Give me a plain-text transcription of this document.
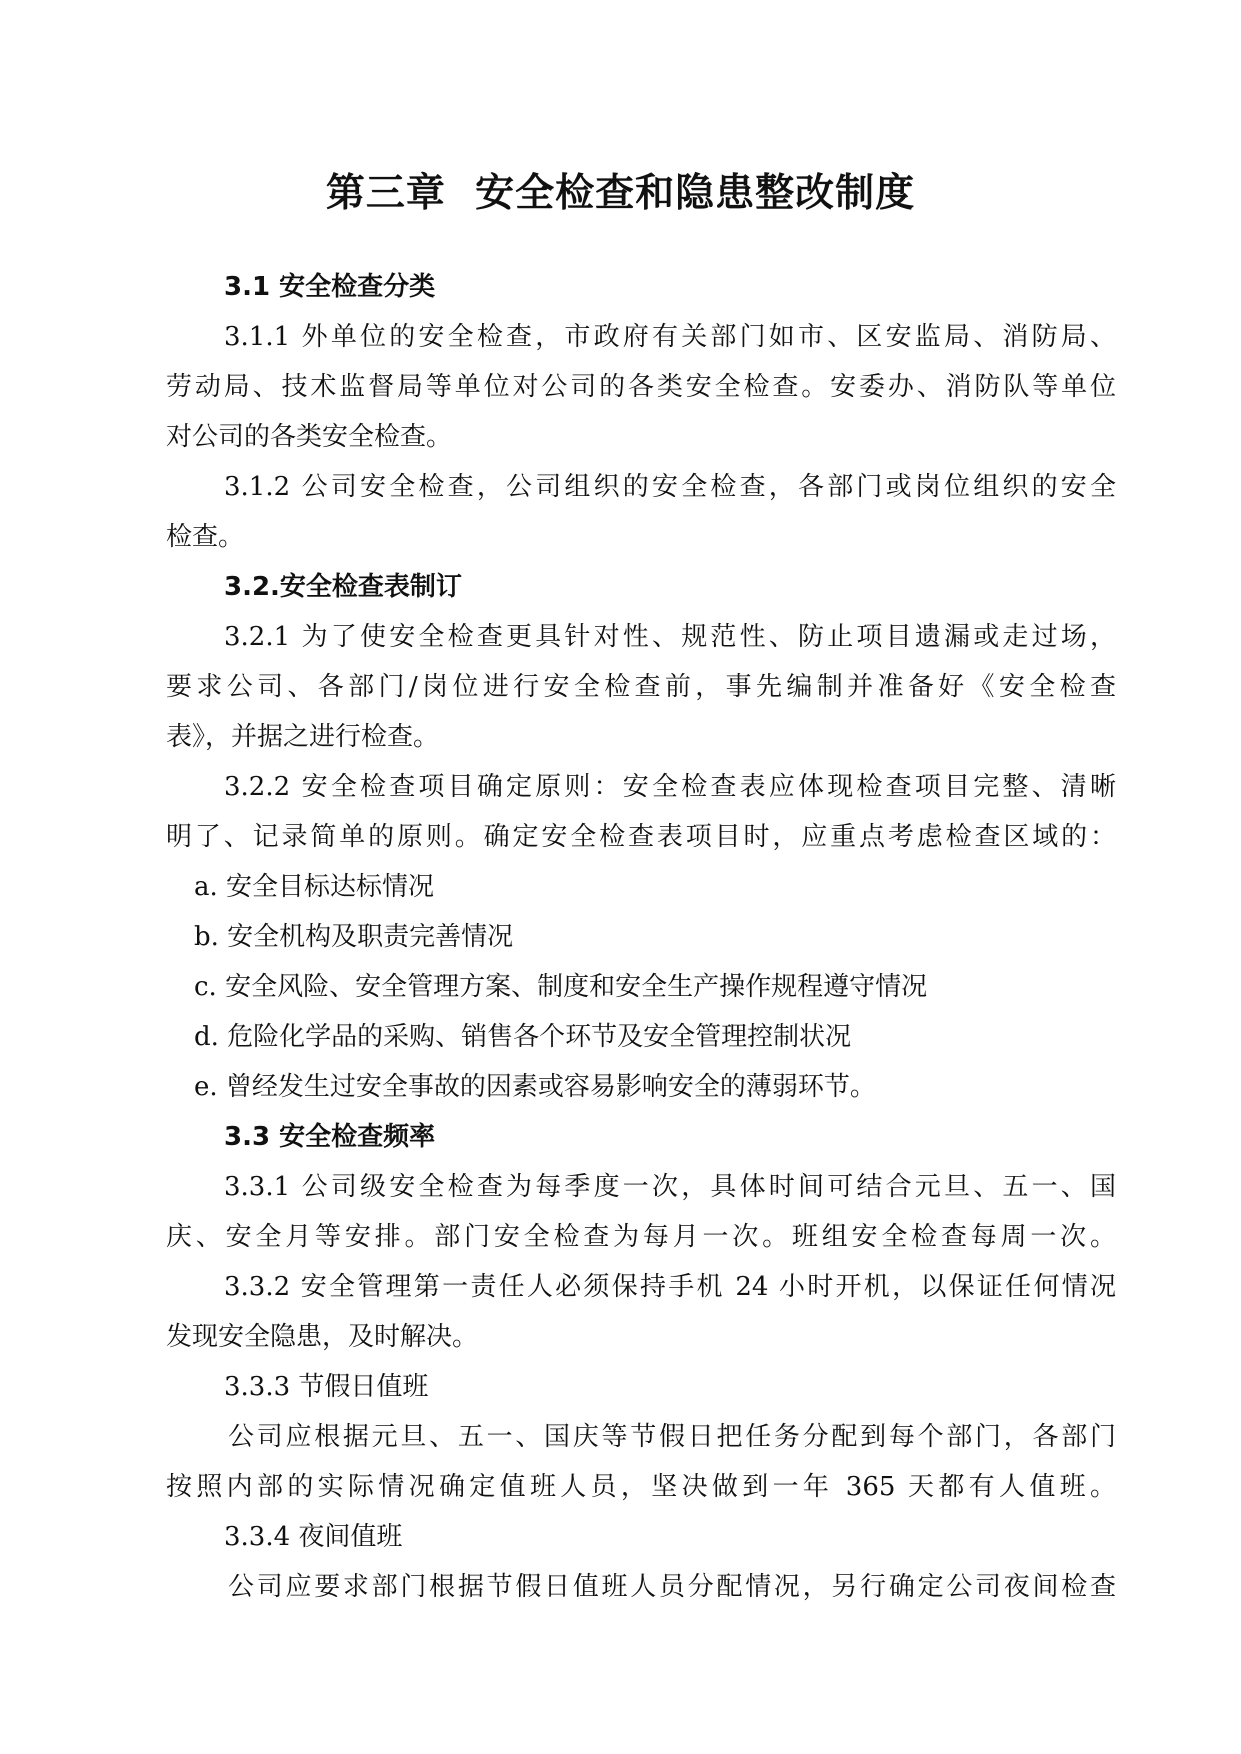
第三章  安全检查和隐患整改制度
3.1 安全检查分类
3.1.1 外单位的安全检查，市政府有关部门如市、区安监局、消防局、
劳动局、技术监督局等单位对公司的各类安全检查。安委办、消防队等单位
对公司的各类安全检查。
3.1.2 公司安全检查，公司组织的安全检查，各部门或岗位组织的安全
检查。
3.2.安全检查表制订
3.2.1 为了使安全检查更具针对性、规范性、防止项目遗漏或走过场，
要求公司、各部门/岗位进行安全检查前，事先编制并准备好《安全检查
表》，并据之进行检查。
3.2.2 安全检查项目确定原则：安全检查表应体现检查项目完整、清晰
明了、记录简单的原则。确定安全检查表项目时，应重点考虑检查区域的：
a. 安全目标达标情况
b. 安全机构及职责完善情况
c. 安全风险、安全管理方案、制度和安全生产操作规程遵守情况
d. 危险化学品的采购、销售各个环节及安全管理控制状况
e. 曾经发生过安全事故的因素或容易影响安全的薄弱环节。
3.3 安全检查频率
3.3.1 公司级安全检查为每季度一次，具体时间可结合元旦、五一、国
庆、安全月等安排。部门安全检查为每月一次。班组安全检查每周一次。
3.3.2 安全管理第一责任人必须保持手机 24 小时开机，以保证任何情况
发现安全隐患，及时解决。
3.3.3 节假日值班
公司应根据元旦、五一、国庆等节假日把任务分配到每个部门，各部门
按照内部的实际情况确定值班人员，坚决做到一年 365 天都有人值班。
3.3.4 夜间值班
公司应要求部门根据节假日值班人员分配情况，另行确定公司夜间检查
